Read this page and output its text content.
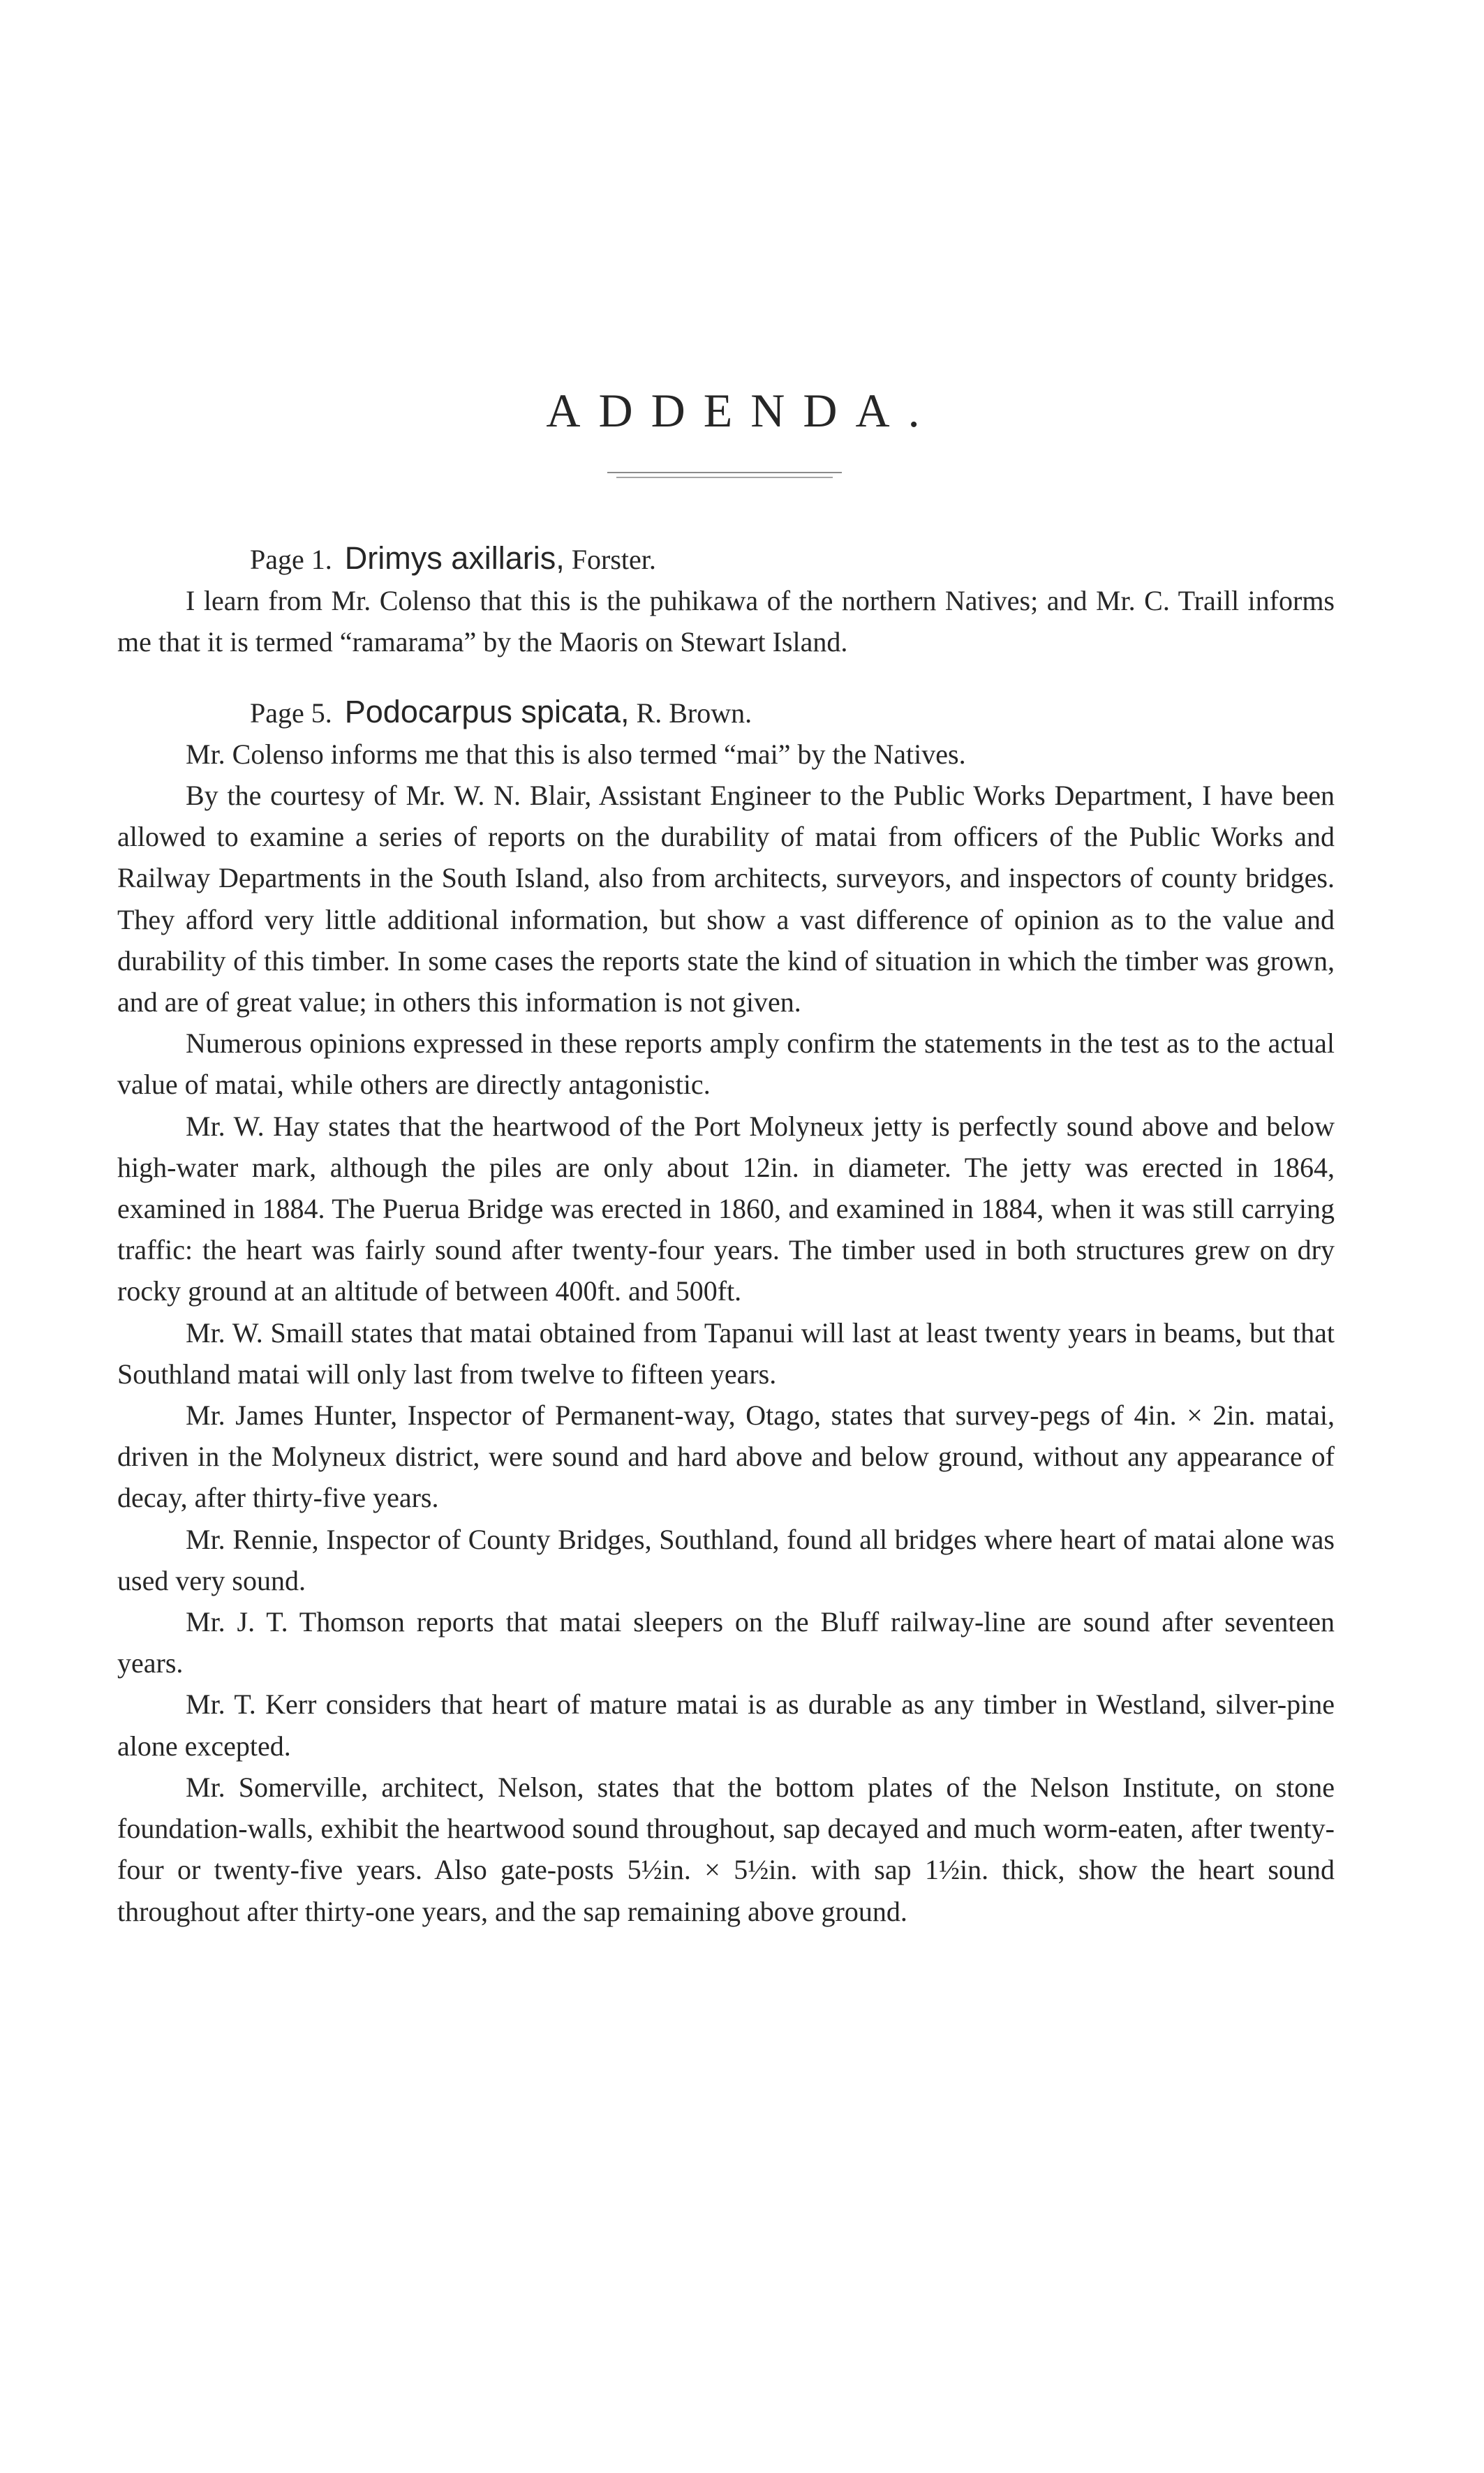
ADDENDA.

Page 1. Drimys axillaris, Forster.

I learn from Mr. Colenso that this is the puhikawa of the northern Natives; and Mr. C. Traill informs me that it is termed “ramarama” by the Maoris on Stewart Island.

Page 5. Podocarpus spicata, R. Brown.

Mr. Colenso informs me that this is also termed “mai” by the Natives.

By the courtesy of Mr. W. N. Blair, Assistant Engineer to the Public Works Department, I have been allowed to examine a series of reports on the durability of matai from officers of the Public Works and Railway Departments in the South Island, also from architects, surveyors, and inspectors of county bridges. They afford very little additional information, but show a vast difference of opinion as to the value and durability of this timber. In some cases the reports state the kind of situation in which the timber was grown, and are of great value; in others this information is not given.

Numerous opinions expressed in these reports amply confirm the statements in the test as to the actual value of matai, while others are directly antagonistic.

Mr. W. Hay states that the heartwood of the Port Molyneux jetty is perfectly sound above and below high-water mark, although the piles are only about 12in. in diameter. The jetty was erected in 1864, examined in 1884. The Puerua Bridge was erected in 1860, and examined in 1884, when it was still carrying traffic: the heart was fairly sound after twenty-four years. The timber used in both structures grew on dry rocky ground at an altitude of between 400ft. and 500ft.

Mr. W. Smaill states that matai obtained from Tapanui will last at least twenty years in beams, but that Southland matai will only last from twelve to fifteen years.

Mr. James Hunter, Inspector of Permanent-way, Otago, states that survey-pegs of 4in. × 2in. matai, driven in the Molyneux district, were sound and hard above and below ground, without any appearance of decay, after thirty-five years.

Mr. Rennie, Inspector of County Bridges, Southland, found all bridges where heart of matai alone was used very sound.

Mr. J. T. Thomson reports that matai sleepers on the Bluff railway-line are sound after seventeen years.

Mr. T. Kerr considers that heart of mature matai is as durable as any timber in Westland, silver-pine alone excepted.

Mr. Somerville, architect, Nelson, states that the bottom plates of the Nelson Institute, on stone foundation-walls, exhibit the heartwood sound throughout, sap decayed and much worm-eaten, after twenty-four or twenty-five years. Also gate-posts 5½in. × 5½in. with sap 1½in. thick, show the heart sound throughout after thirty-one years, and the sap remaining above ground.
